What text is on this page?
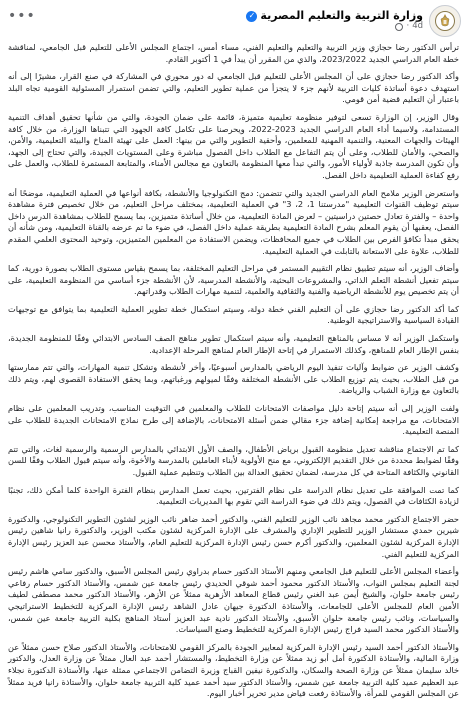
وزارة التربية والتعليم المصرية
✓
4d
·
•••

ترأس الدكتور رضا حجازي وزير التربية والتعليم والتعليم الفني، مساء أمس، اجتماع المجلس الأعلى للتعليم قبل الجامعي، لمناقشة خطة العام الدراسي الجديد 2023/2022، والذي من المقرر أن يبدأ في 1 أكتوبر القادم.

وأكد الدكتور رضا حجازي على أن المجلس الأعلى للتعليم قبل الجامعي له دور محوري في المشاركة في صنع القرار، مشيرًا إلى أنه استهدف دعوة أساتذة كليات التربية لأنهم جزء لا يتجزأ من عملية تطوير التعليم، والتي تضمن استمرار المسئولية القومية تجاه البلد باعتبار أن التعليم قضية أمن قومي.

وقال الوزير، إن الوزارة تسعى لتوفير منظومة تعليمية متميزة، قائمة على ضمان الجودة، والتي من شأنها تحقيق أهداف التنمية المستدامة، ولاسيما أداء العام الدراسي الجديد 2023-2022، ويحرصنا على تكامل كافة الجهود التي تتبناها الوزارة، من خلال كافة الهيئات والجهات المعنية، والتنمية المهنية للمعلمين، وأحقية التطوير والتي من بينها: العمل على تهيئة المناخ والبيئة التعليمية، والأمن، والصحي، والأمان للطلاب، وعلى أن يتم التفاعل مع الطلاب داخل الفصول مباشرة وعلى المستويات الجيدة، والتي تحتاج إلى الجهد، وأن تكون المدرسة جاذبة لأولياء الأمور، والتي تبدأ معها المنظومة بالتعاون مع مجالس الأمناء، والمتابعة المستمرة للطلاب، والعمل على رفع كفاءة العملية التعليمية داخل الفصل.

واستعرض الوزير ملامح العام الدراسي الجديد والتي تتضمن: دمج التكنولوجيا والأنشطة، بكافة أنواعها في العملية التعليمية، موضحًا أنه سيتم توظيف القنوات التعليمية "مدرستنا 1، 2، 3" في العملية التعليمية، بمختلف مراحل التعليم، من خلال تخصيص فترة مشاهدة واحدة – والفترة تعادل حصتين دراسيتين – لعرض المادة التعليمية، من خلال أساتذة متميزين، بما يسمح للطلاب بمشاهدة الدرس داخل الفصل، يعقبها أن يقوم المعلم بشرح المادة التعليمية بطريقة عملية داخل الفصل، في ضوء ما تم عرضه بالقناة التعليمية، ومن شأنه أن يحقق مبدأ تكافؤ الفرص بين الطلاب في جميع المحافظات، ويضمن الاستفادة من المعلمين المتميزين، وتوحيد المحتوى العلمي المقدم للطلاب، علاوة على الاستعانة بالتابلت في العملية التعليمية.

وأضاف الوزير، أنه سيتم تطبيق نظام التقييم المستمر في مراحل التعليم المختلفة، بما يسمح بقياس مستوى الطلاب بصورة دورية، كما سيتم تفعيل أنشطة التعلم الذاتي، والمشروعات البحثية، والأنشطة المدرسية، لأن الأنشطة جزء أساسي من المنظومة التعليمية، على أن يتم تخصيص يوم للأنشطة الرياضية والفنية والثقافية والعلمية، لتنمية مهارات الطلاب وقدراتهم.

كما أكد الدكتور رضا حجازي على أن التعليم الفني خطة دولة، وسيتم استكمال خطة تطوير العملية التعليمية بما يتوافق مع توجيهات القيادة السياسية والاستراتيجية الوطنية.

واستكمل الوزير أنه لا مساس بالمناهج التعليمية، وأنه سيتم استكمال تطوير مناهج الصف السادس الابتدائي وفقًا للمنظومة الجديدة، بنفس الإطار العام للمناهج، وكذلك الاستمرار في إتاحة الإطار العام لمناهج المرحلة الإعدادية.

وكشف الوزير عن ضوابط وآليات تنفيذ اليوم الرياضي بالمدارس أسبوعيًا، وأخر لأنشطة وتشكل تنمية المهارات، والتي تتم ممارستها من قبل الطلاب، بحيث يتم توزيع الطلاب على الأنشطة المختلفة وفقًا لميولهم ورغباتهم، وبما يحقق الاستفادة القصوى لهم، ويتم ذلك بالتعاون مع وزارة الشباب والرياضة.

ولفت الوزير إلى أنه سيتم إتاحة دليل مواصفات الامتحانات للطلاب والمعلمين في التوقيت المناسب، وتدريب المعلمين على نظام الامتحانات، مع مراجعة إمكانية إضافة جزء مقالي ضمن أسئلة الامتحانات، بالإضافة إلى طرح نماذج الامتحانات الجديدة للطلاب على المنصة التعليمية.

كما تم الاجتماع مناقشة تعديل منظومة القبول برياض الأطفال، والصف الأول الابتدائي بالمدارس الرسمية والرسمية لغات، والتي تتم وفقًا لضوابط محددة من خلال التقديم الإلكتروني، مع منح الأولوية لأبناء العاملين بالمدرسة والأخوة، وأنه سيتم قبول الطلاب وفقًا للسن القانوني والكثافة المتاحة في كل مدرسة، لضمان تحقيق العدالة بين الطلاب وتنظيم عملية القبول.

كما تمت الموافقة على تعديل نظام الدراسة على نظام الفترتين، بحيث تعمل المدارس بنظام الفترة الواحدة كلما أمكن ذلك، تجنبًا لزيادة الكثافات في الفصول، ويتم ذلك في ضوء الدراسة التي تقوم بها المديريات التعليمية.

حضر الاجتماع الدكتور محمد مجاهد نائب الوزير للتعليم الفني، والدكتور أحمد ضاهر نائب الوزير لشئون التطوير التكنولوجي، والدكتورة شيرين حمدي مستشار الوزير للتطوير الإداري والمشرف على الإدارة المركزية لشئون مكتب الوزير، والدكتورة رانيا شاهين رئيس الإدارة المركزية لشئون المعلمين، والدكتور أكرم حسن رئيس الإدارة المركزية للتعليم العام، والأستاذ محسن عبد العزيز رئيس الإدارة المركزية للتعليم الفني.

وأعضاء المجلس الأعلى للتعليم قبل الجامعي ومنهم الأستاذ الدكتور حسام بدراوي رئيس المجلس الأسبق، والدكتور سامي هاشم رئيس لجنة التعليم بمجلس النواب، والأستاذ الدكتور محمود أحمد شوقي الحديدي رئيس جامعة عين شمس، والأستاذ الدكتور حسام رفاعي رئيس جامعة حلوان، والشيخ أيمن عبد الغني رئيس قطاع المعاهد الأزهرية ممثلاً عن الأزهر، والأستاذ الدكتور محمد مصطفى لطيف الأمين العام للمجلس الأعلى للجامعات، والأستاذة الدكتورة جيهان عادل الشاهد رئيس الإدارة المركزية للتخطيط الاستراتيجي والسياسات، ونائب رئيس جامعة حلوان الأسبق، والأستاذ الدكتور نادية عبد العزيز أستاذ المناهج بكلية التربية جامعة عين شمس، والأستاذ الدكتور محمد السيد فراج رئيس الإدارة المركزية للتخطيط وصنع السياسات.

والأستاذ الدكتور أحمد السيد رئيس الإدارة المركزية لمعايير الجودة بالمركز القومي للامتحانات، والأستاذ الدكتور صلاح حسن ممثلاً عن وزارة المالية، والأستاذة الدكتورة أمل أبو زيد ممثلاً عن وزارة التخطيط، والمستشار أحمد عبد العال ممثلاً عن وزارة العدل، والدكتور خالد سليمان ممثلاً عن وزارة الصحة والسكان، والدكتورة نيفين القباج وزيرة التضامن الاجتماعي ممثلة عنها، والأستاذة الدكتورة نجلاء عبد العظيم عميد كلية التربية جامعة عين شمس، والأستاذ الدكتور سيد أحمد عميد كلية التربية جامعة حلوان، والأستاذة رانيا فريد ممثلاً عن المجلس القومي للمرأة، والأستاذة رفعت فياض مدير تحرير أخبار اليوم.
